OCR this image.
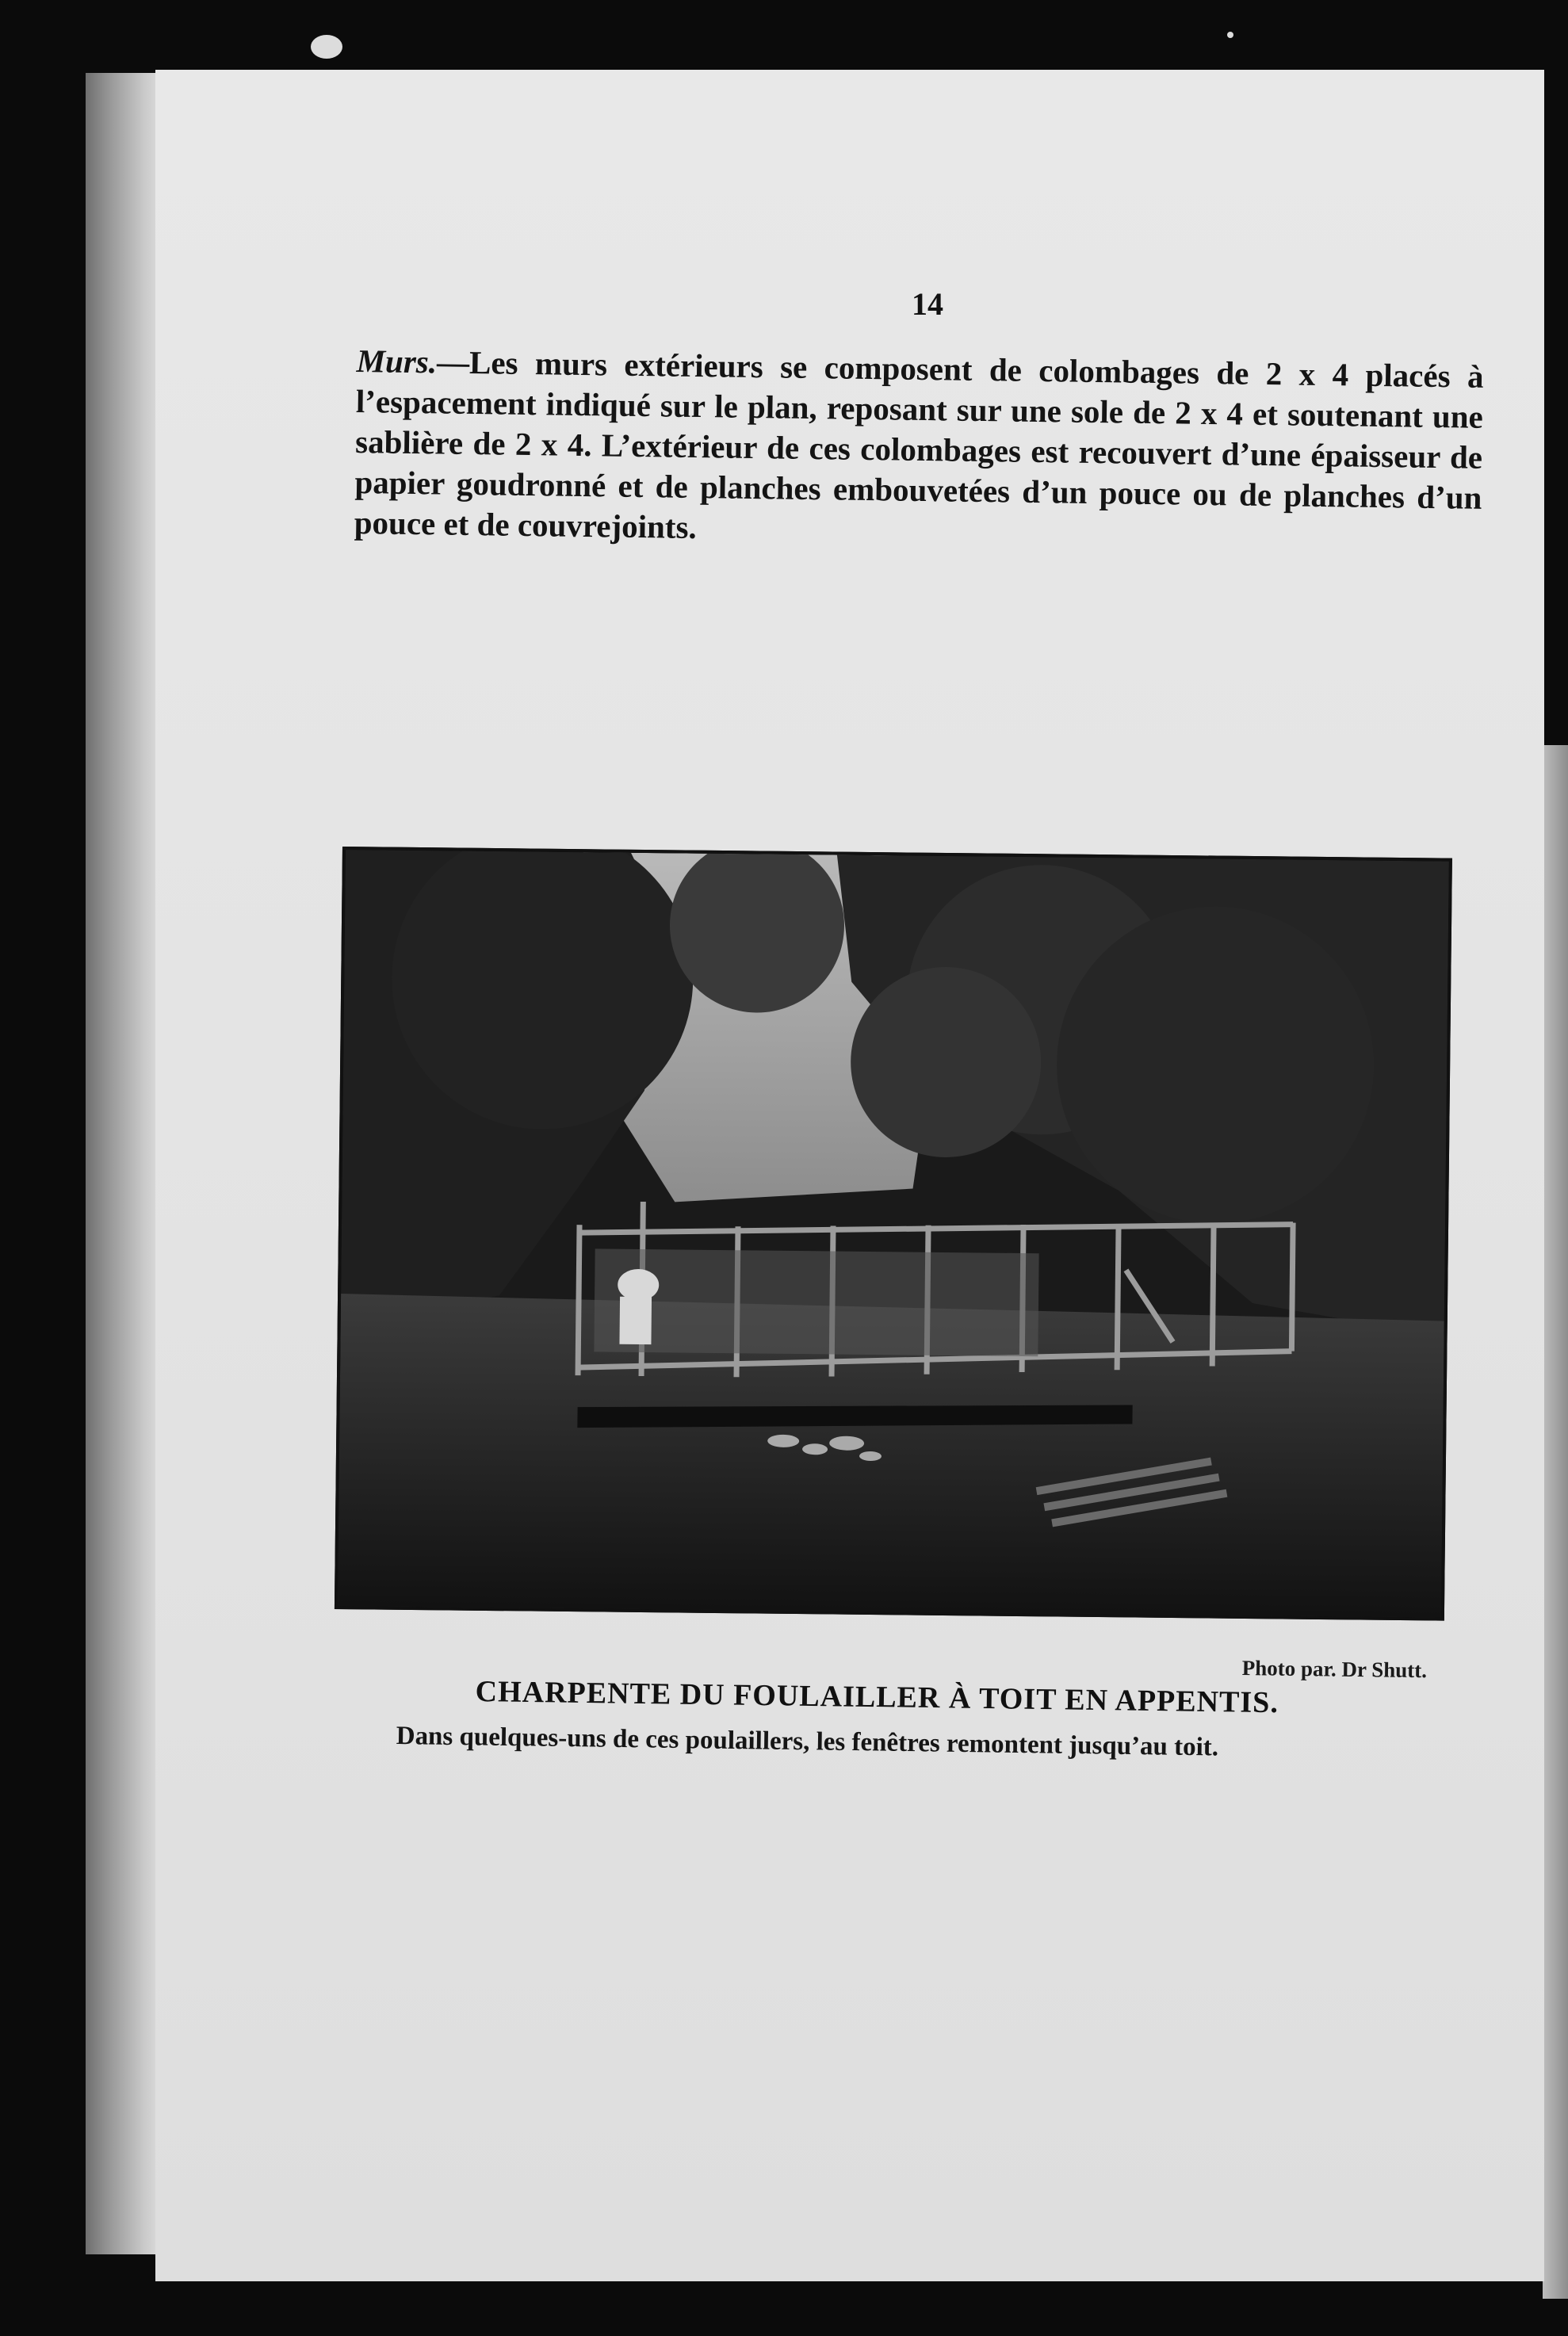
14

Murs.—Les murs extérieurs se composent de colombages de 2 x 4 placés à l’espacement indiqué sur le plan, reposant sur une sole de 2 x 4 et soutenant une sablière de 2 x 4. L’extérieur de ces colombages est recouvert d’une épaisseur de papier goudronné et de planches embouvetées d’un pouce ou de planches d’un pouce et de couvrejoints.

Photo par. Dr Shutt.
CHARPENTE DU FOULAILLER À TOIT EN APPENTIS.
Dans quelques-uns de ces poulaillers, les fenêtres remontent jusqu’au toit.
